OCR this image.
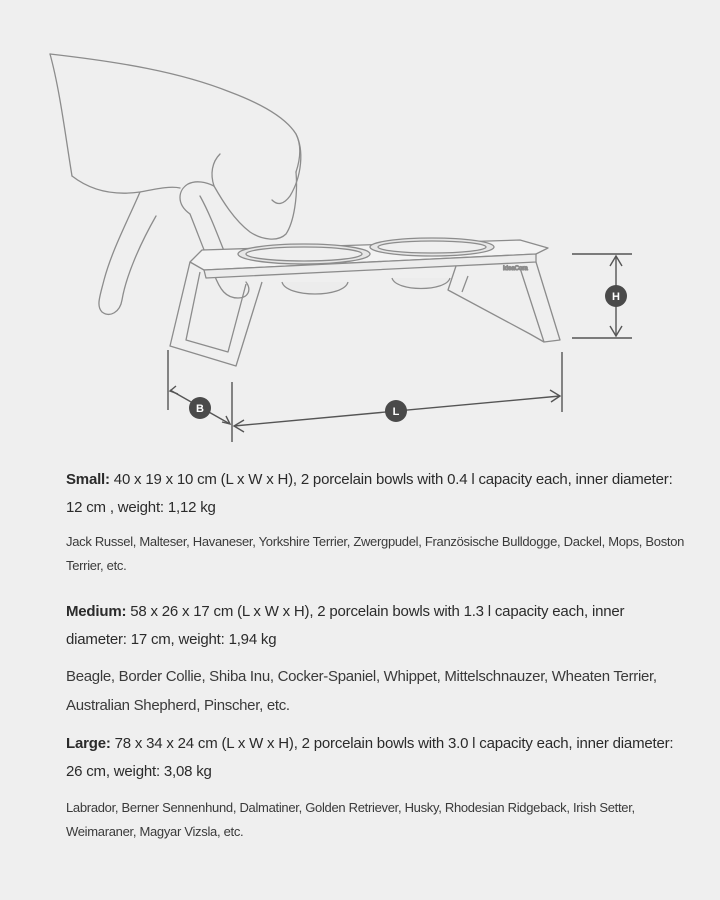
IdeaCora
H
B	L
Small: 40 x 19 x 10 cm (L x W x H), 2 porcelain bowls with 0.4 l capacity each, inner diameter: 12 cm , weight: 1,12 kg
Jack Russel, Malteser, Havaneser, Yorkshire Terrier, Zwergpudel, Französische Bulldogge, Dackel, Mops, Boston Terrier, etc.
Medium: 58 x 26 x 17 cm (L x W x H), 2 porcelain bowls with 1.3 l capacity each, inner diameter: 17 cm, weight: 1,94 kg
Beagle, Border Collie, Shiba Inu, Cocker-Spaniel, Whippet, Mittelschnauzer, Wheaten Terrier, Australian Shepherd, Pinscher, etc.
Large: 78 x 34 x 24 cm (L x W x H), 2 porcelain bowls with 3.0 l capacity each, inner diameter: 26 cm, weight: 3,08 kg
Labrador, Berner Sennenhund, Dalmatiner, Golden Retriever, Husky, Rhodesian Ridgeback, Irish Setter, Weimaraner, Magyar Vizsla, etc.
